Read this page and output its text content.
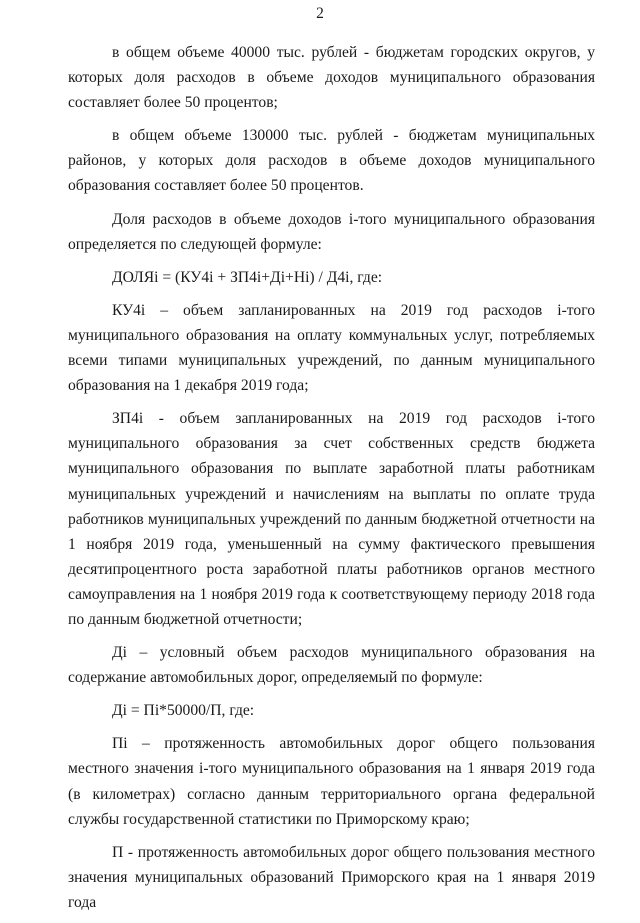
2

в общем объеме 40000 тыс. рублей - бюджетам городских округов, у которых доля расходов в объеме доходов муниципального образования составляет более 50 процентов;

в общем объеме 130000 тыс. рублей - бюджетам муниципальных районов, у которых доля расходов в объеме доходов муниципального образования составляет более 50 процентов.

Доля расходов в объеме доходов i-того муниципального образования определяется по следующей формуле:

ДОЛЯi = (КУ4i + ЗП4i+Дi+Нi) / Д4i, где:

КУ4i – объем запланированных на 2019 год расходов i-того муниципального образования на оплату коммунальных услуг, потребляемых всеми типами муниципальных учреждений, по данным муниципального образования на 1 декабря 2019 года;

ЗП4i - объем запланированных на 2019 год расходов i-того муниципального образования за счет собственных средств бюджета муниципального образования по выплате заработной платы работникам муниципальных учреждений и начислениям на выплаты по оплате труда работников муниципальных учреждений по данным бюджетной отчетности на 1 ноября 2019 года, уменьшенный на сумму фактического превышения десятипроцентного роста заработной платы работников органов местного самоуправления на 1 ноября 2019 года к соответствующему периоду 2018 года по данным бюджетной отчетности;

Дi – условный объем расходов муниципального образования на содержание автомобильных дорог, определяемый по формуле:

Дi = Пi*50000/П, где:

Пi – протяженность автомобильных дорог общего пользования местного значения i-того муниципального образования на 1 января 2019 года (в километрах) согласно данным территориального органа федеральной службы государственной статистики по Приморскому краю;

П - протяженность автомобильных дорог общего пользования местного значения муниципальных образований Приморского края на 1 января 2019 года
